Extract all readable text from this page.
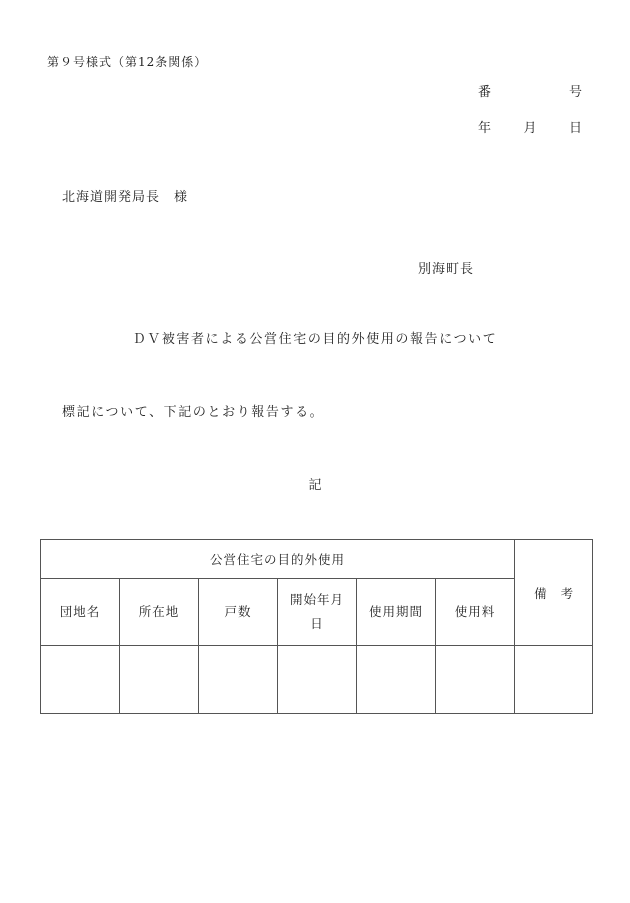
第９号様式（第12条関係）
番	号
年 月 日
北海道開発局長 様
別海町長
ＤＶ被害者による公営住宅の目的外使用の報告について
標記について、下記のとおり報告する。
記
公営住宅の目的外使用						備考
団地名	所在地	戸数	開始年月日	使用期間	使用料	
